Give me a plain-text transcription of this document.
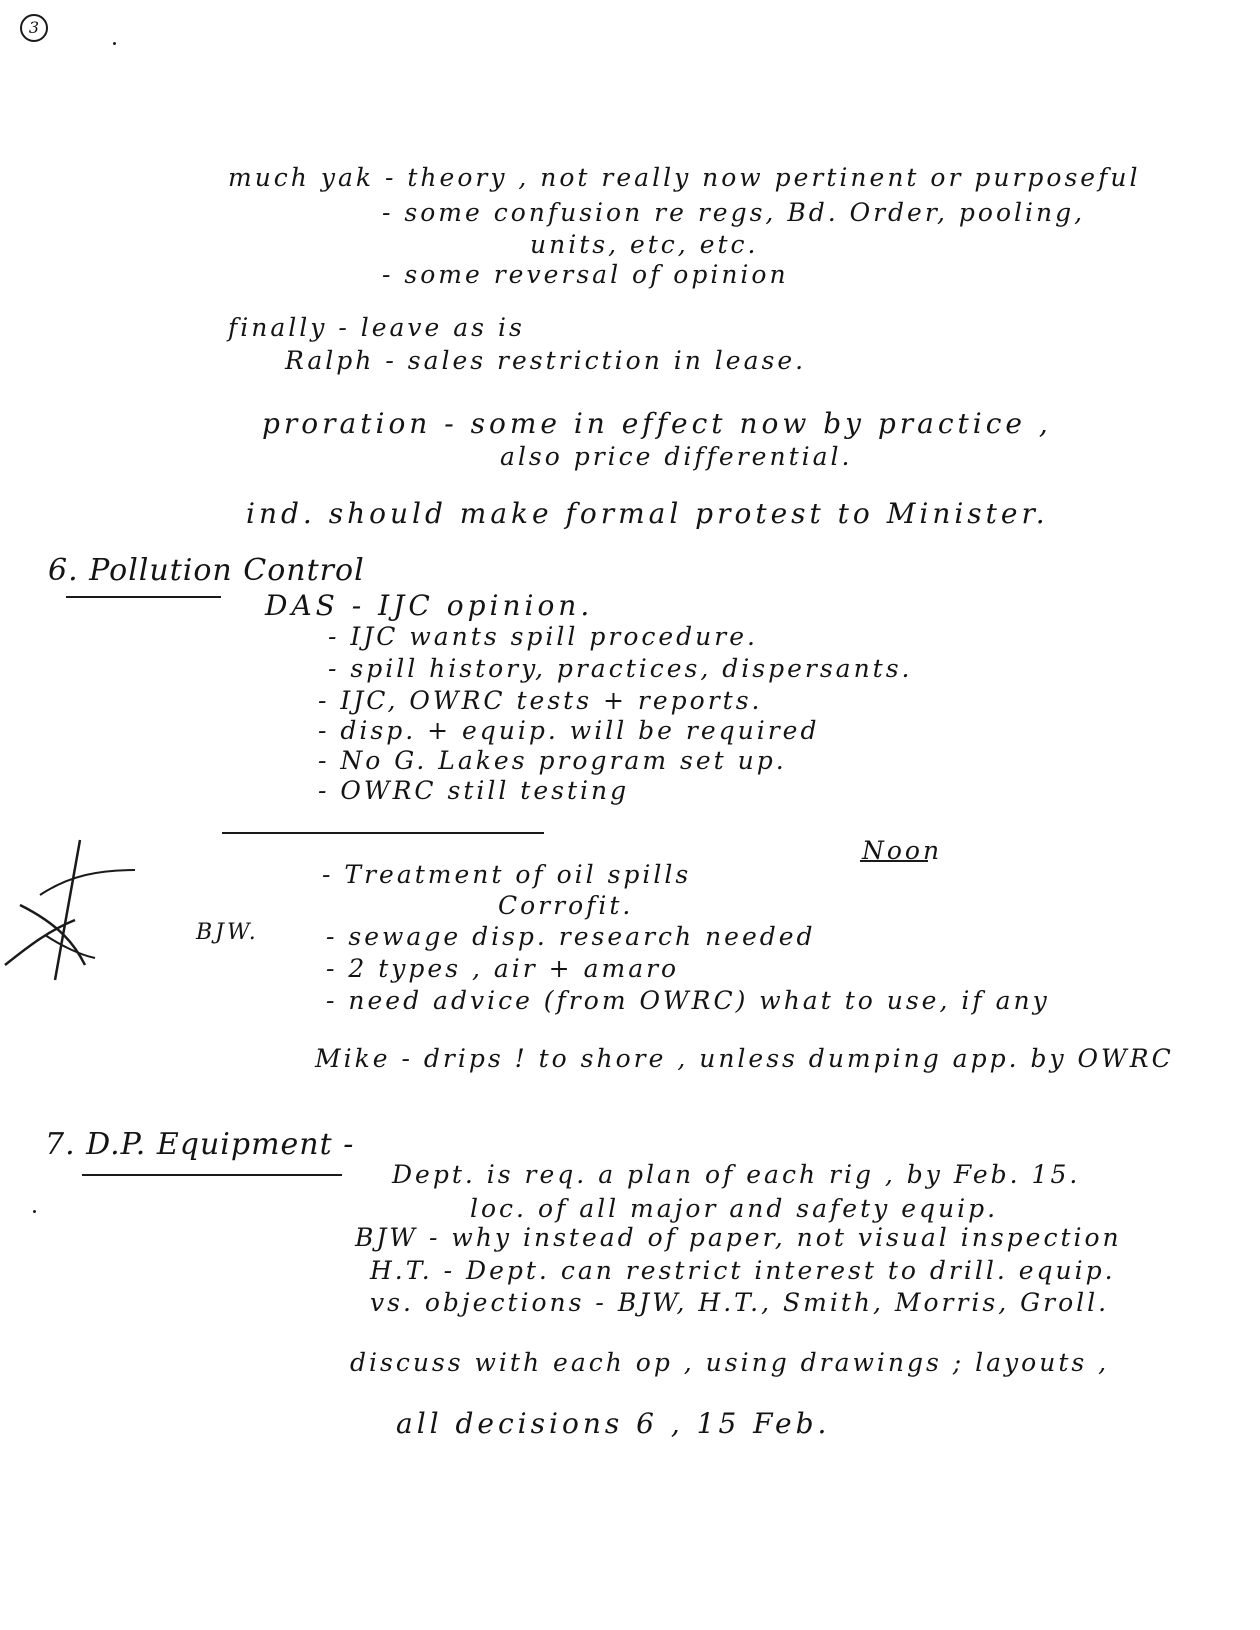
3
much yak - theory , not really now pertinent or purposeful
- some confusion re regs, Bd. Order, pooling,
units, etc, etc.
- some reversal of opinion
finally - leave as is
Ralph - sales restriction in lease.
proration - some in effect now by practice ,
also price differential.
ind. should make formal protest to Minister.
6. Pollution Control
DAS - IJC opinion.
- IJC wants spill procedure.
- spill history, practices, dispersants.
- IJC, OWRC tests + reports.
- disp. + equip. will be required
- No G. Lakes program set up.
- OWRC still testing
Noon
- Treatment of oil spills
Corrofit.
BJW.	- sewage disp. research needed
- 2 types , air + amaro
- need advice (from OWRC) what to use, if any
Mike - drips ! to shore , unless dumping app. by OWRC
7. D.P. Equipment -
Dept. is req. a plan of each rig , by Feb. 15.
loc. of all major and safety equip.
BJW - why instead of paper, not visual inspection
H.T. - Dept. can restrict interest to drill. equip.
vs. objections - BJW, H.T., Smith, Morris, Groll.
discuss with each op , using drawings ; layouts ,
all decisions 6 , 15 Feb.
